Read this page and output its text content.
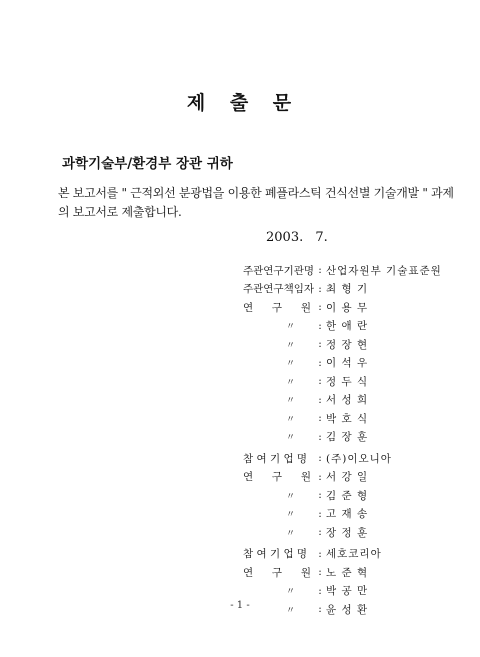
제 출 문
과학기술부/환경부 장관 귀하
본 보고서를 " 근적외선 분광법을 이용한 폐플라스틱 건식선별 기술개발 " 과제
의 보고서로 제출합니다.
2003. 7.
주관연구기관명 : 산업자원부 기술표준원
주관연구책임자 : 최 형 기
연 구 원 : 이 용 무
〃	: 한 애 란
〃	: 정 장 현
〃	: 이 석 우
〃	: 정 두 식
〃	: 서 성 희
〃	: 박 호 식
〃	: 김 장 훈
참 여 기 업 명	: (주)이오니아
연 구 원 : 서 강 일
〃	: 김 준 형
〃	: 고 재 송
〃	: 장 정 훈
참 여 기 업 명	: 세호코리아
연 구 원 : 노 준 혁
〃	: 박 공 만
〃	: 윤 성 환
- 1 -
